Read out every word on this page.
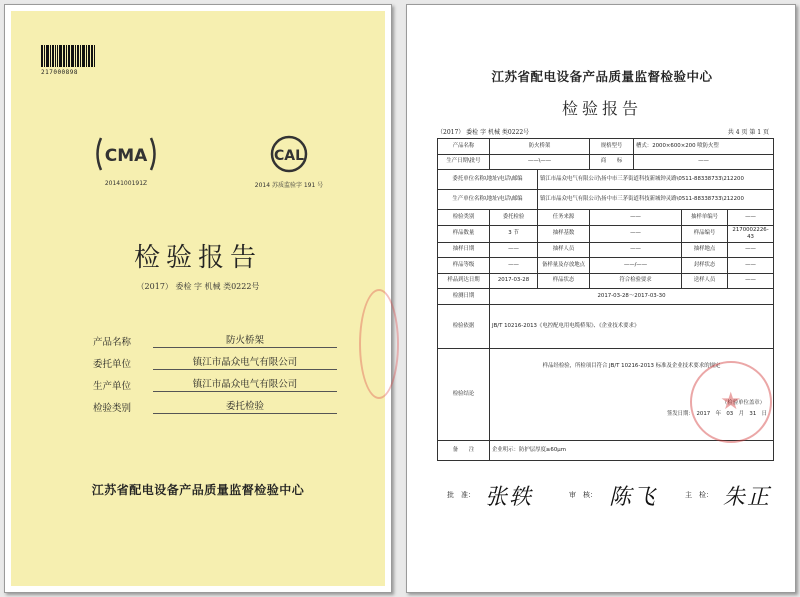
217000898
CMA
2014100191Z
CAL
2014 苏质监验字 191 号
检验报告
（2017） 委检 字 机械 类0222号
产品名称	防火桥架
委托单位	镇江市晶众电气有限公司
生产单位	镇江市晶众电气有限公司
检验类别	委托检验
江苏省配电设备产品质量监督检验中心
江苏省配电设备产品质量监督检验中心
检验报告
（2017） 委检 字 机械 类0222号	共 4 页 第 1 页
产品名称	防火桥架		规格型号	槽式：2000×600×200 喷防火塑		
生产日期\批号	——\——		商　　标	——		
委托单位名称\地址\电话\邮编		镇江市晶众电气有限公司\扬中市三茅街道科技新城钟灵路\0511-88338733\212200				
生产单位名称\地址\电话\邮编		镇江市晶众电气有限公司\扬中市三茅街道科技新城钟灵路\0511-88338733\212200				
检验类别	委托检验	任务来源	——		抽样单编号	——
样品数量	3 节	抽样基数	——		样品编号	2170002226-43
抽样日期	——	抽样人员	——		抽样地点	——
样品等级	——	备样量及存放地点	——/——		封样状态	——
样品到达日期	2017-03-28	样品状态	符合检验要求		送样人员	——
检测日期	2017-03-28～2017-03-30					
检验依据	JB/T 10216-2013《电控配电用电缆桥架》、《企业技术要求》					
检验结论	样品经检验，所检项目符合 JB/T 10216-2013 标准及企业技术要求的规定
（检验单位盖章）
签发日期：　2017　年　03　月　31　日					

备　　注	企业明示：防护层厚度≥60μm					
★
批　准： 张轶	审　核： 陈飞	主　检： 朱正
